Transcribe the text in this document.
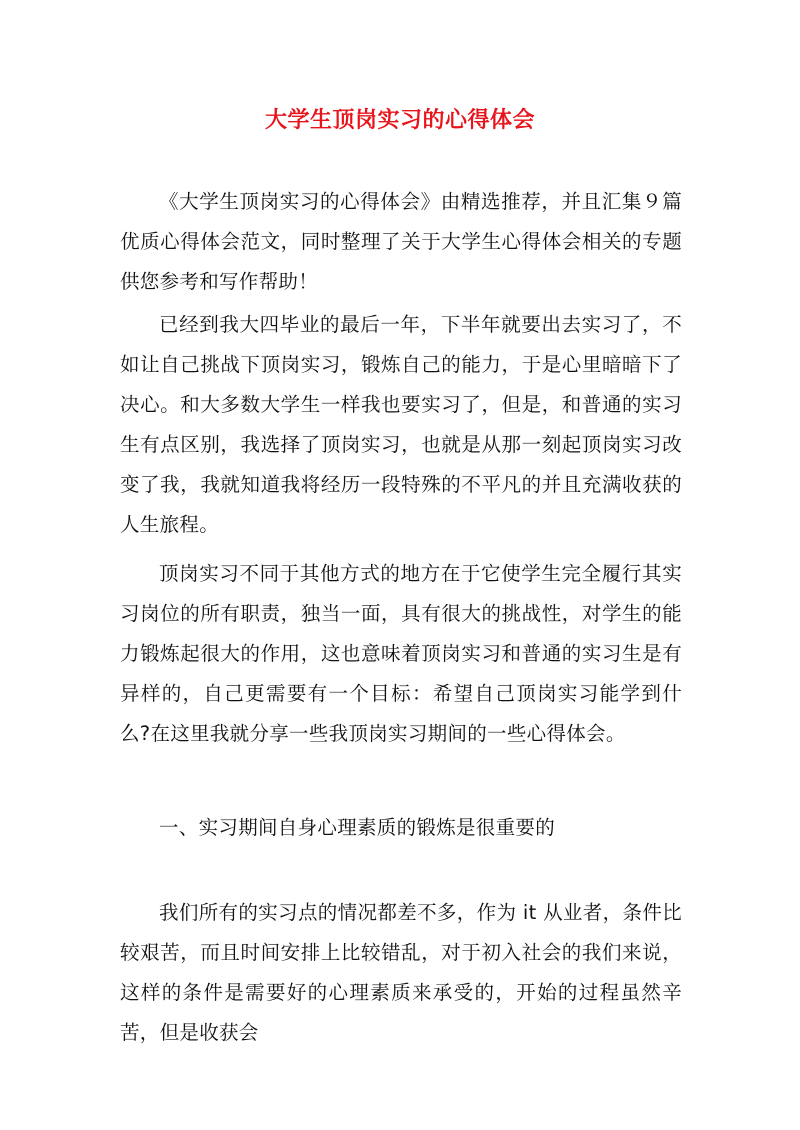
大学生顶岗实习的心得体会

《大学生顶岗实习的心得体会》由精选推荐，并且汇集９篇优质心得体会范文，同时整理了关于大学生心得体会相关的专题供您参考和写作帮助！

已经到我大四毕业的最后一年，下半年就要出去实习了，不如让自己挑战下顶岗实习，锻炼自己的能力，于是心里暗暗下了决心。和大多数大学生一样我也要实习了，但是，和普通的实习生有点区别，我选择了顶岗实习，也就是从那一刻起顶岗实习改变了我，我就知道我将经历一段特殊的不平凡的并且充满收获的人生旅程。

顶岗实习不同于其他方式的地方在于它使学生完全履行其实习岗位的所有职责，独当一面，具有很大的挑战性，对学生的能力锻炼起很大的作用，这也意味着顶岗实习和普通的实习生是有异样的，自己更需要有一个目标：希望自己顶岗实习能学到什么?在这里我就分享一些我顶岗实习期间的一些心得体会。

一、实习期间自身心理素质的锻炼是很重要的

我们所有的实习点的情况都差不多，作为 it 从业者，条件比较艰苦，而且时间安排上比较错乱，对于初入社会的我们来说，这样的条件是需要好的心理素质来承受的，开始的过程虽然辛苦，但是收获会
